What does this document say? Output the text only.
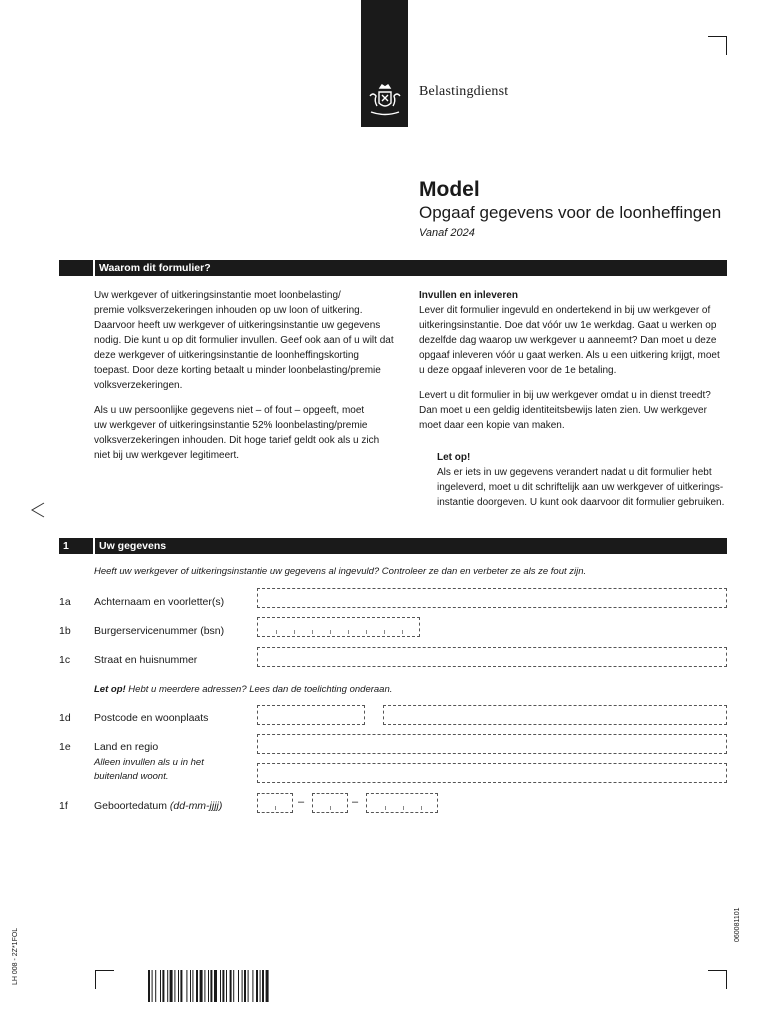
Belastingdienst
Model
Opgaaf gegevens voor de loonheffingen
Vanaf 2024
Waarom dit formulier?

Uw werkgever of uitkeringsinstantie moet loonbelasting/
premie volksverzekeringen inhouden op uw loon of uitkering.
Daarvoor heeft uw werkgever of uitkeringsinstantie uw gegevens
nodig. Die kunt u op dit formulier invullen. Geef ook aan of u wilt dat
deze werkgever of uitkeringsinstantie de loonheffingskorting
toepast. Door deze korting betaalt u minder loonbelasting/premie
volksverzekeringen.

Als u uw persoonlijke gegevens niet – of fout – opgeeft, moet
uw werkgever of uitkeringsinstantie 52% loonbelasting/premie
volksverzekeringen inhouden. Dit hoge tarief geldt ook als u zich
niet bij uw werkgever legitimeert.

Invullen en inleveren

Lever dit formulier ingevuld en ondertekend in bij uw werkgever of
uitkeringsinstantie. Doe dat vóór uw 1e werkdag. Gaat u werken op
dezelfde dag waarop uw werkgever u aanneemt? Dan moet u deze
opgaaf inleveren vóór u gaat werken. Als u een uitkering krijgt, moet
u deze opgaaf inleveren voor de 1e betaling.

Levert u dit formulier in bij uw werkgever omdat u in dienst treedt?
Dan moet u een geldig identiteitsbewijs laten zien. Uw werkgever
moet daar een kopie van maken.

Let op!
Als er iets in uw gegevens verandert nadat u dit formulier hebt
ingeleverd, moet u dit schriftelijk aan uw werkgever of uitkerings-
instantie doorgeven. U kunt ook daarvoor dit formulier gebruiken.
1	Uw gegevens
Heeft uw werkgever of uitkeringsinstantie uw gegevens al ingevuld? Controleer ze dan en verbeter ze als ze fout zijn.
1a Achternaam en voorletter(s)
1b Burgerservicenummer (bsn)
1c Straat en huisnummer
Let op! Hebt u meerdere adressen? Lees dan de toelichting onderaan.
1d Postcode en woonplaats
1e Land en regio
Alleen invullen als u in het
buitenland woont.
1f Geboortedatum (dd-mm-jjjj)	–	–
LH 008 - 2Z*1FOL
060081101
